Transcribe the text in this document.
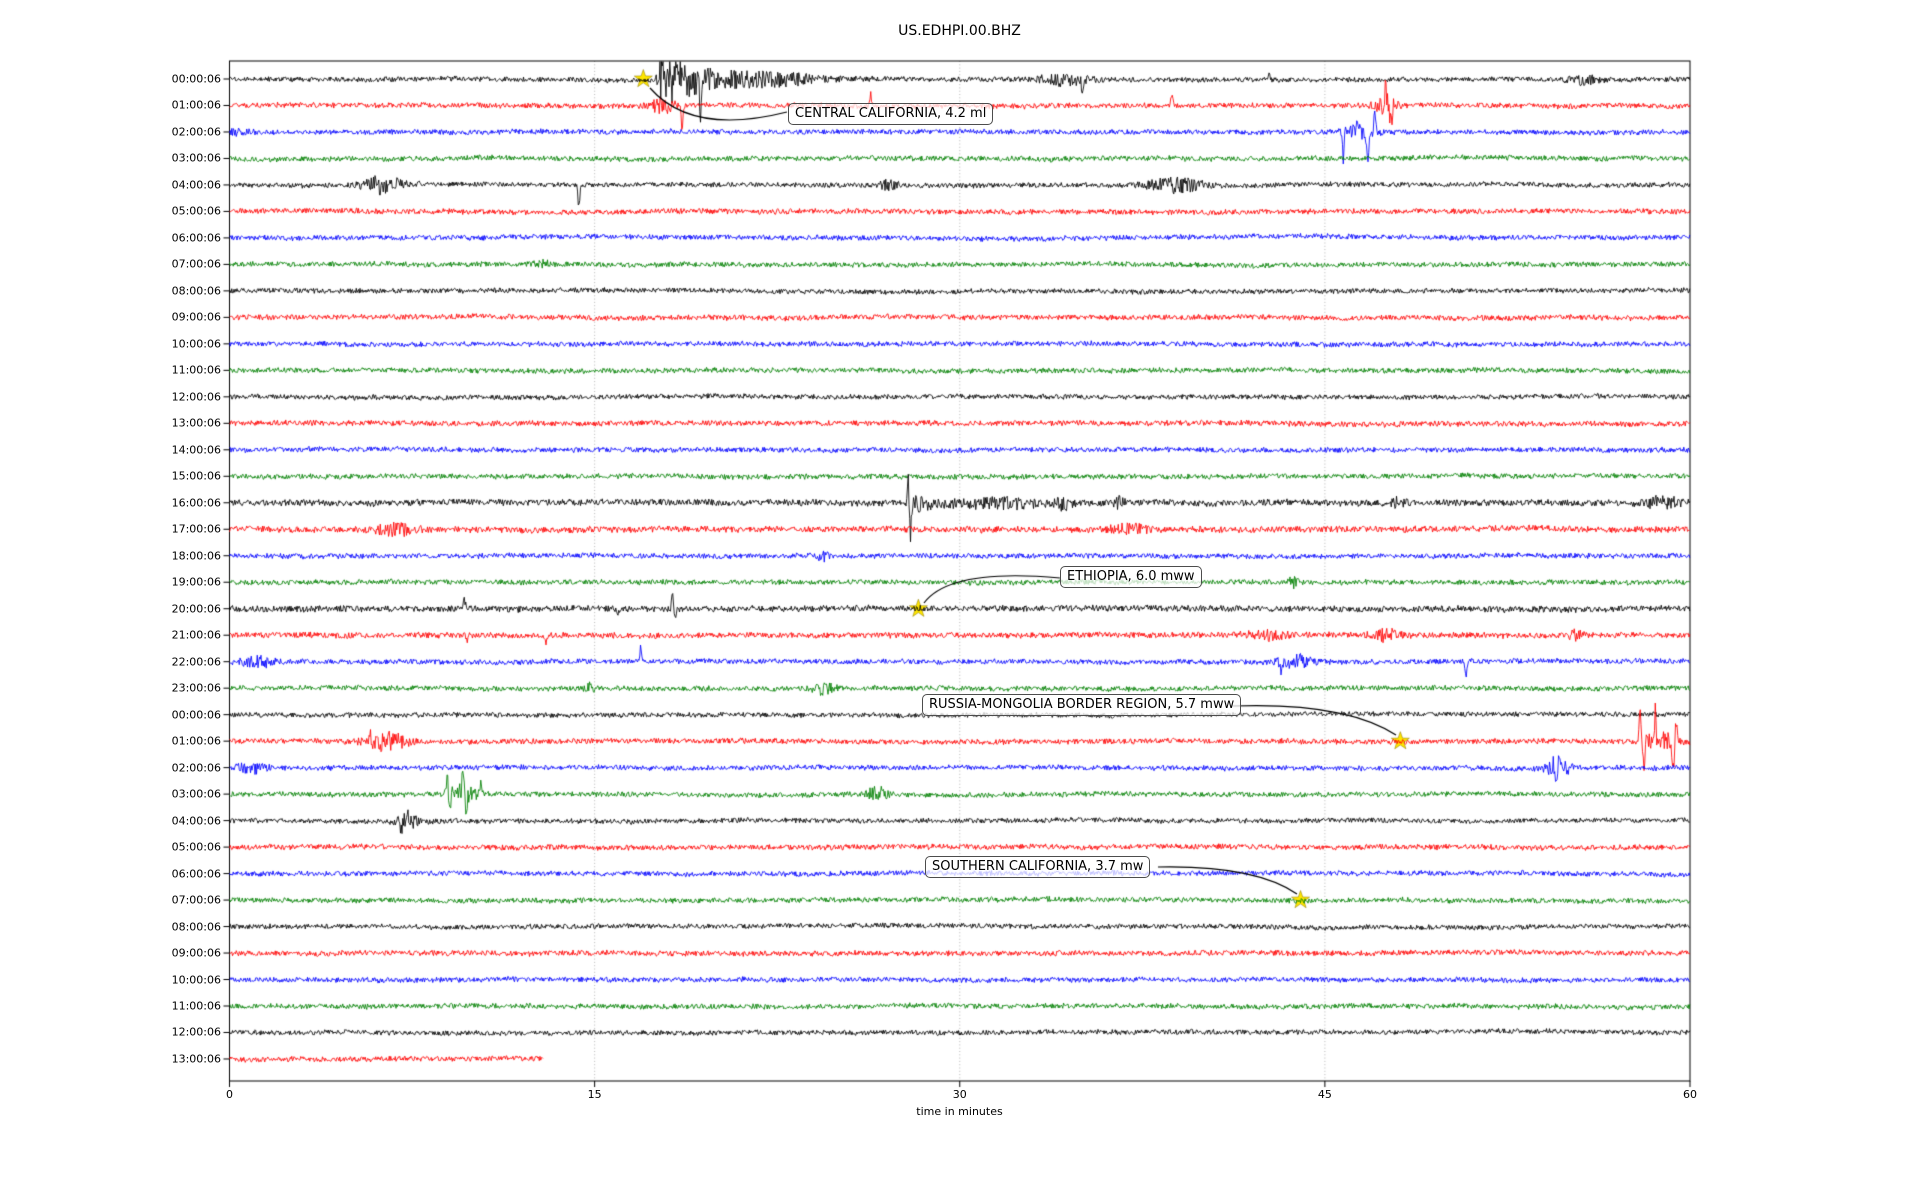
US.EDHPI.00.BHZ
time in minutes
00:00:06
01:00:06
02:00:06
03:00:06
04:00:06
05:00:06
06:00:06
07:00:06
08:00:06
09:00:06
10:00:06
11:00:06
12:00:06
13:00:06
14:00:06
15:00:06
16:00:06
17:00:06
18:00:06
19:00:06
20:00:06
21:00:06
22:00:06
23:00:06
00:00:06
01:00:06
02:00:06
03:00:06
04:00:06
05:00:06
06:00:06
07:00:06
08:00:06
09:00:06
10:00:06
11:00:06
12:00:06
13:00:06
0	15	30	45	60
CENTRAL CALIFORNIA, 4.2 ml
ETHIOPIA, 6.0 mww
RUSSIA-MONGOLIA BORDER REGION, 5.7 mww
SOUTHERN CALIFORNIA, 3.7 mw
